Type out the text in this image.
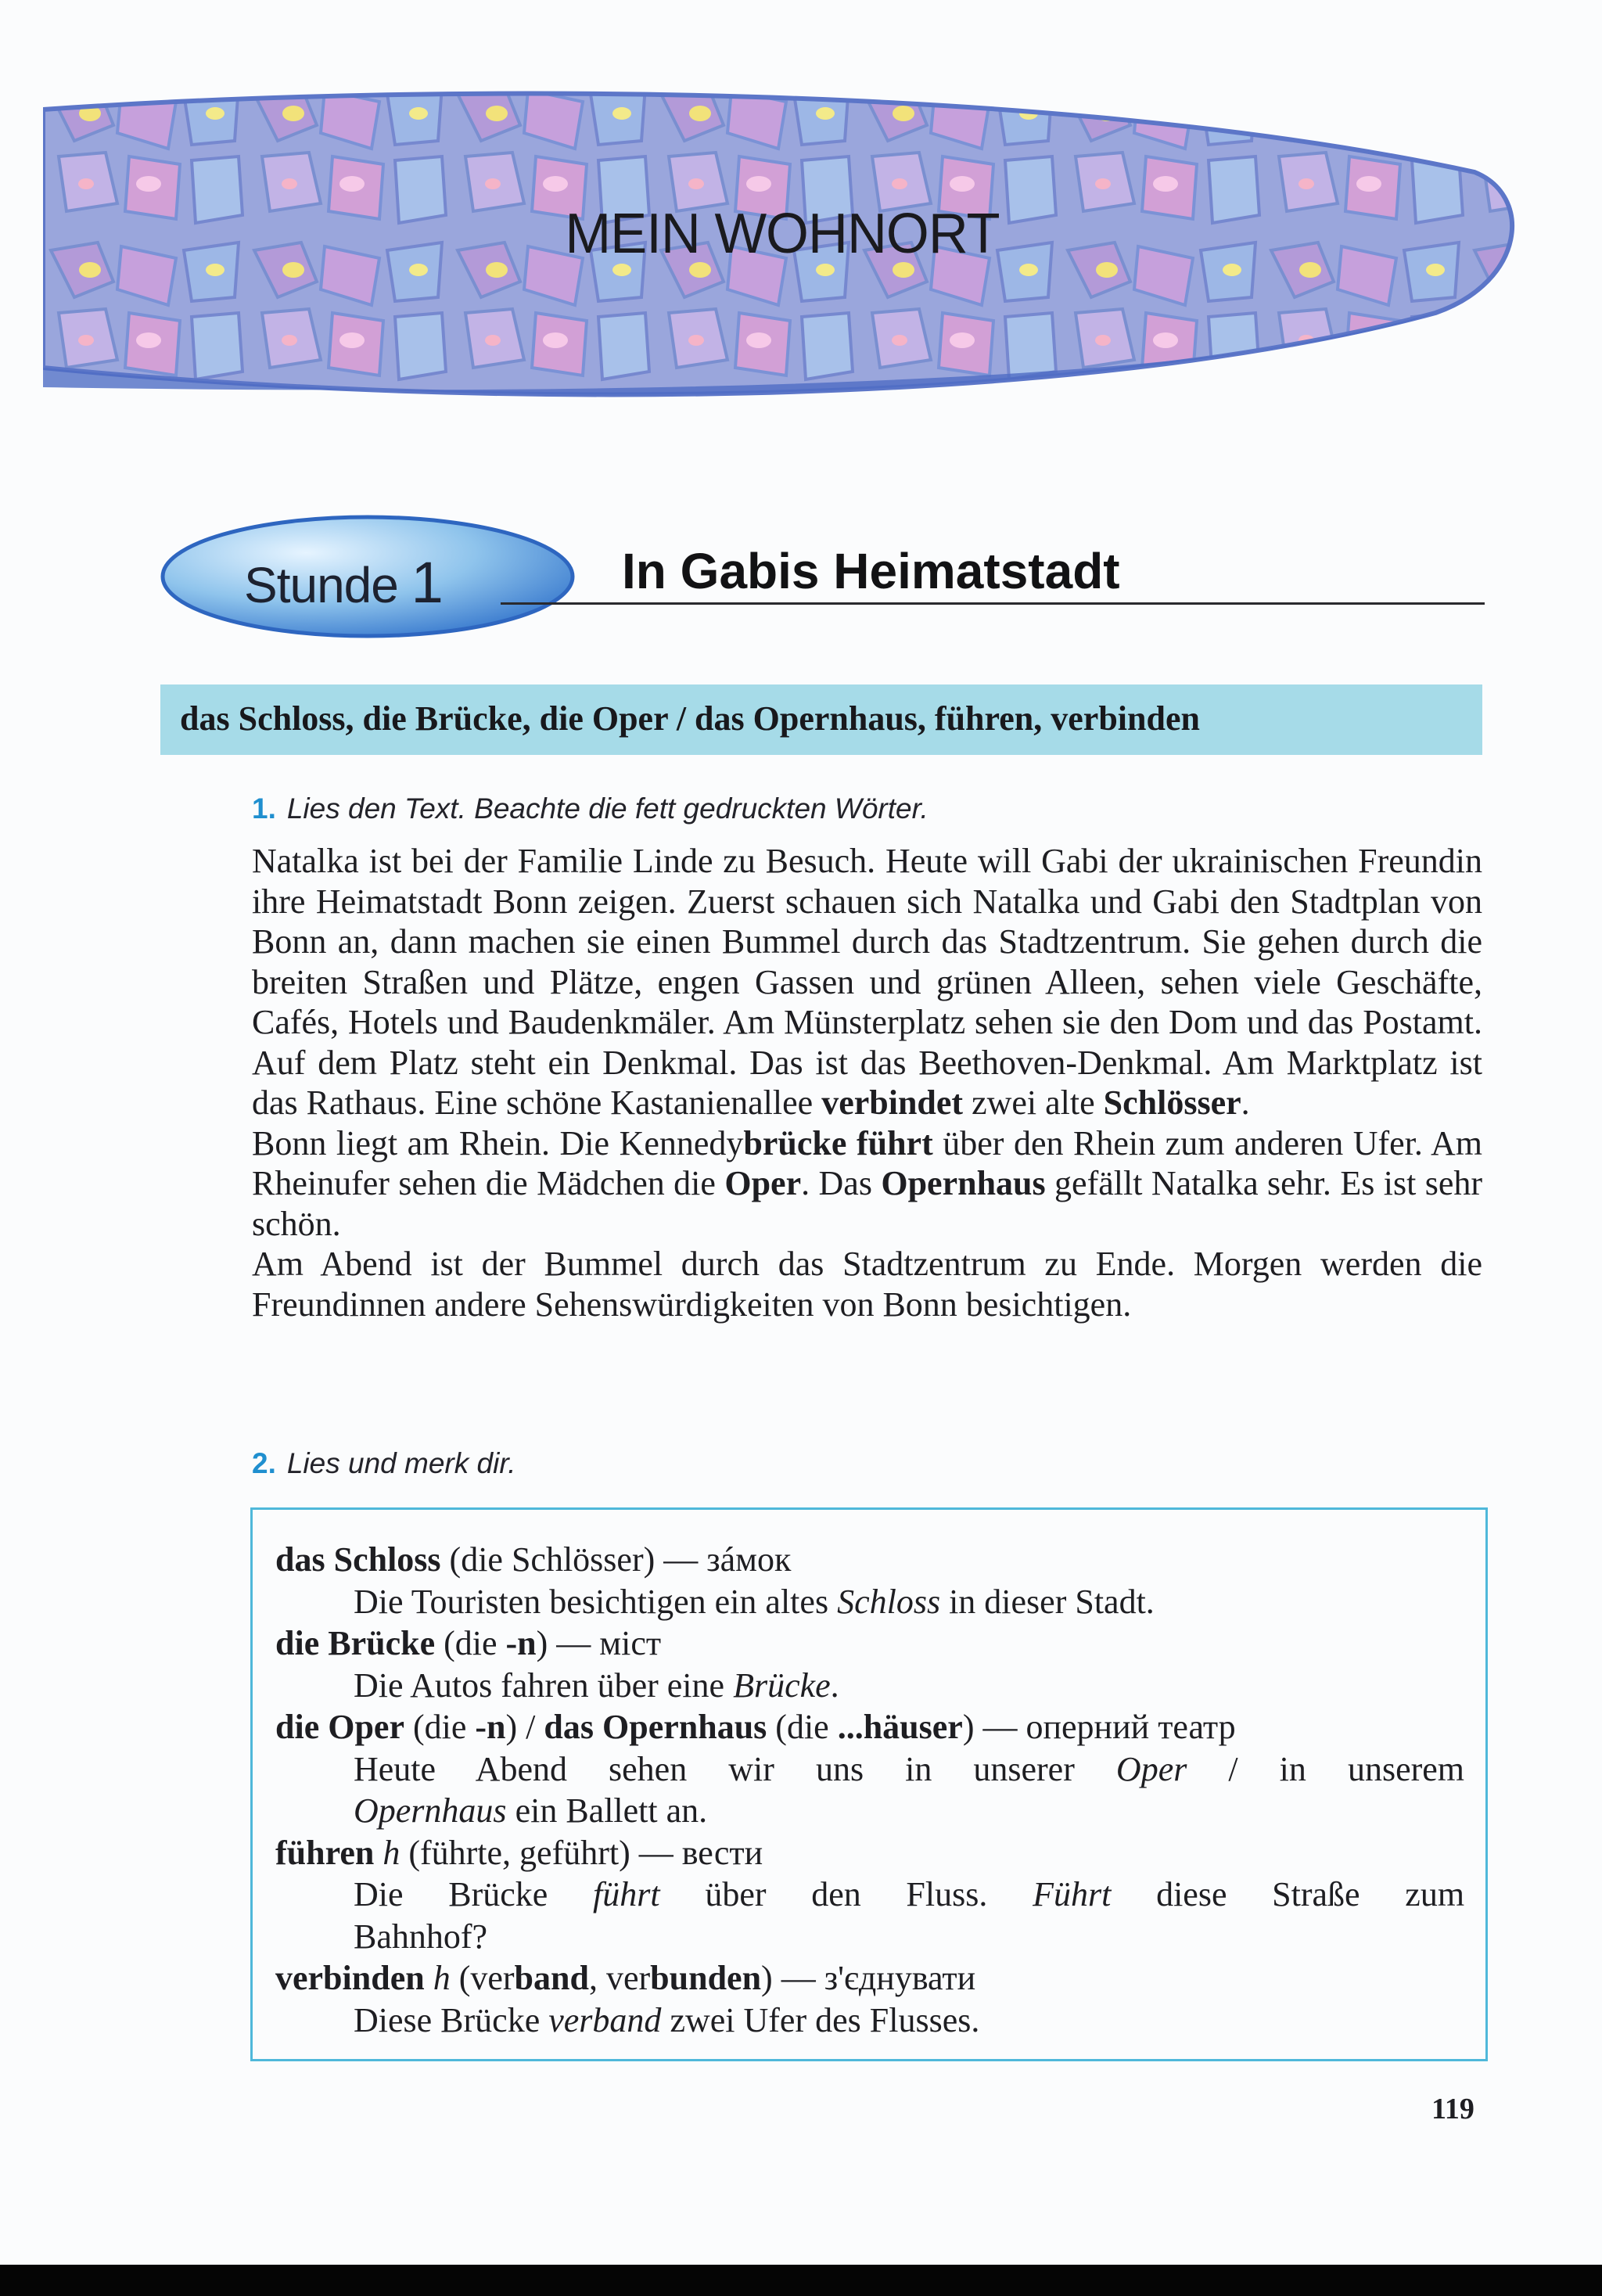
MEIN WOHNORT
Stunde 1	In Gabis Heimatstadt
das Schloss, die Brücke, die Oper / das Opernhaus, führen, verbinden
1. Lies den Text. Beachte die fett gedruckten Wörter.

Natalka ist bei der Familie Linde zu Besuch. Heute will Gabi der ukrainischen Freundin ihre Heimatstadt Bonn zeigen. Zuerst schauen sich Natalka und Gabi den Stadtplan von Bonn an, dann machen sie einen Bummel durch das Stadtzentrum. Sie gehen durch die breiten Straßen und Plätze, engen Gassen und grünen Alleen, sehen viele Geschäfte, Cafés, Hotels und Baudenkmäler. Am Münsterplatz sehen sie den Dom und das Postamt. Auf dem Platz steht ein Denkmal. Das ist das Beethoven-Denkmal. Am Marktplatz ist das Rathaus. Eine schöne Kastanienallee verbindet zwei alte Schlösser.

Bonn liegt am Rhein. Die Kennedybrücke führt über den Rhein zum anderen Ufer. Am Rheinufer sehen die Mädchen die Oper. Das Opernhaus gefällt Natalka sehr. Es ist sehr schön.

Am Abend ist der Bummel durch das Stadtzentrum zu Ende. Morgen werden die Freundinnen andere Sehenswürdigkeiten von Bonn besichtigen.

2. Lies und merk dir.

das Schloss (die Schlösser) — зáмок

Die Touristen besichtigen ein altes Schloss in dieser Stadt.

die Brücke (die -n) — міст

Die Autos fahren über eine Brücke.

die Oper (die -n) / das Opernhaus (die ...häuser) — оперний театр

Heute Abend sehen wir uns in unserer Oper / in unserem

Opernhaus ein Ballett an.

führen h (führte, geführt) — вести

Die Brücke führt über den Fluss. Führt diese Straße zum

Bahnhof?

verbinden h (verband, verbunden) — з'єднувати

Diese Brücke verband zwei Ufer des Flusses.

119
